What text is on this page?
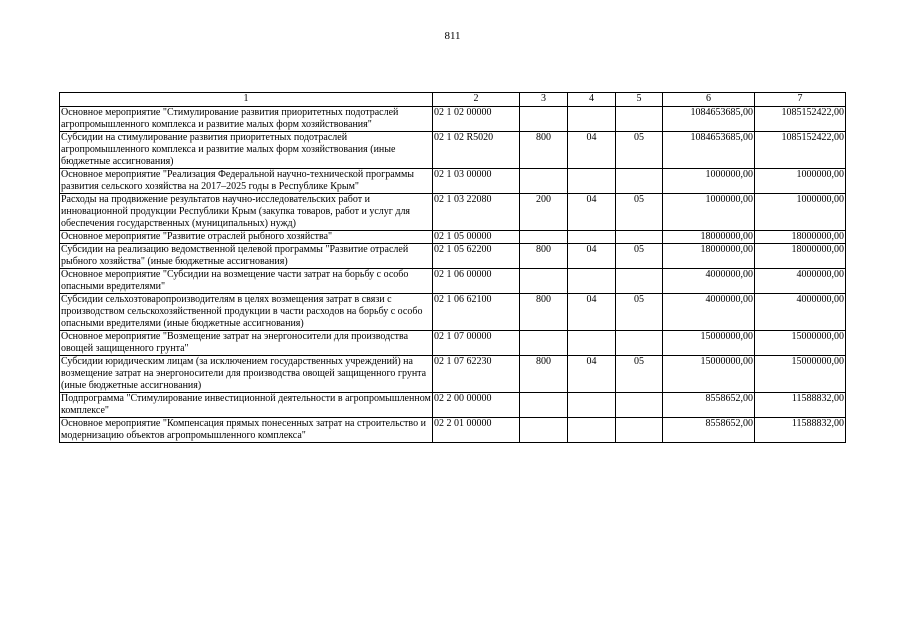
811
1	2	3	4	5	6	7
Основное мероприятие "Стимулирование развития приоритетных подотраслей агропромышленного комплекса и развитие малых форм хозяйствования"	02 1 02 00000				1084653685,00	1085152422,00
Субсидии на стимулирование развития приоритетных подотраслей агропромышленного комплекса и развитие малых форм хозяйствования (иные бюджетные ассигнования)	02 1 02 R5020	800	04	05	1084653685,00	1085152422,00
Основное мероприятие "Реализация Федеральной научно-технической программы развития сельского хозяйства на 2017–2025 годы в Республике Крым"	02 1 03 00000				1000000,00	1000000,00
Расходы на продвижение результатов научно-исследовательских работ и инновационной продукции Республики Крым (закупка товаров, работ и услуг для обеспечения государственных (муниципальных) нужд)	02 1 03 22080	200	04	05	1000000,00	1000000,00
Основное мероприятие "Развитие отраслей рыбного хозяйства"	02 1 05 00000				18000000,00	18000000,00
Субсидии на реализацию ведомственной целевой программы "Развитие отраслей рыбного хозяйства" (иные бюджетные ассигнования)	02 1 05 62200	800	04	05	18000000,00	18000000,00
Основное мероприятие "Субсидии на возмещение части затрат на борьбу с особо опасными вредителями"	02 1 06 00000				4000000,00	4000000,00
Субсидии сельхозтоваропроизводителям в целях возмещения затрат в связи с производством сельскохозяйственной продукции в части расходов на борьбу с особо опасными вредителями (иные бюджетные ассигнования)	02 1 06 62100	800	04	05	4000000,00	4000000,00
Основное мероприятие "Возмещение затрат на энергоносители для производства овощей защищенного грунта"	02 1 07 00000				15000000,00	15000000,00
Субсидии юридическим лицам (за исключением государственных учреждений) на возмещение затрат на энергоносители для производства овощей защищенного грунта (иные бюджетные ассигнования)	02 1 07 62230	800	04	05	15000000,00	15000000,00
Подпрограмма "Стимулирование инвестиционной деятельности в агропромышленном комплексе"	02 2 00 00000				8558652,00	11588832,00
Основное мероприятие "Компенсация прямых понесенных затрат на строительство и модернизацию объектов агропромышленного комплекса"	02 2 01 00000				8558652,00	11588832,00
